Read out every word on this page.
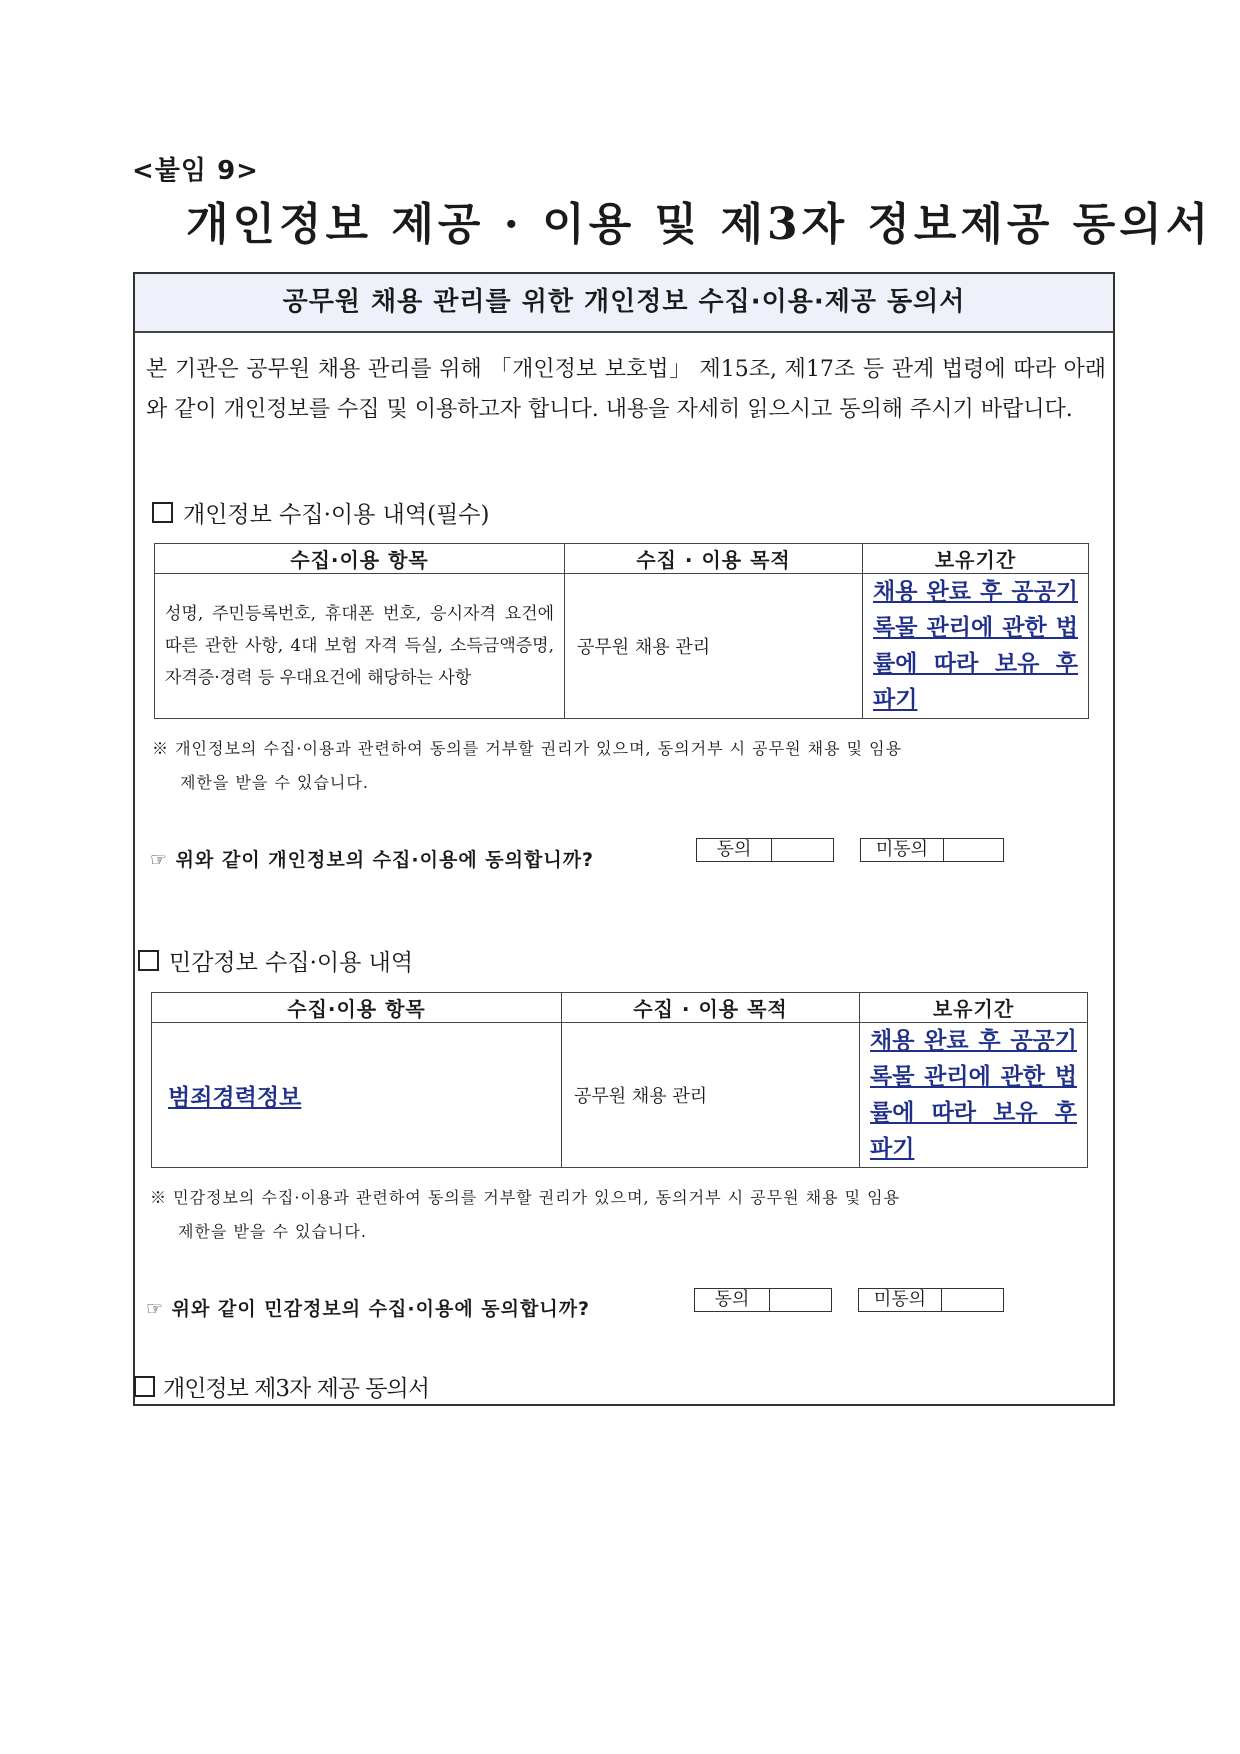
<붙임 9>
개인정보 제공 · 이용 및 제3자 정보제공 동의서
공무원 채용 관리를 위한 개인정보 수집·이용·제공 동의서

본 기관은 공무원 채용 관리를 위해 「개인정보 보호법」 제15조, 제17조 등 관계 법령에 따라 아래와 같이 개인정보를 수집 및 이용하고자 합니다. 내용을 자세히 읽으시고 동의해 주시기 바랍니다.

개인정보 수집·이용 내역(필수)
수집·이용 항목	수집 · 이용 목적	보유기간
성명, 주민등록번호, 휴대폰 번호, 응시자격 요건에 따른 관한 사항, 4대 보험 자격 득실, 소득금액증명, 자격증·경력 등 우대요건에 해당하는 사항	공무원 채용 관리	채용 완료 후 공공기록물 관리에 관한 법률에 따라 보유 후 파기
※ 개인정보의 수집·이용과 관련하여 동의를 거부할 권리가 있으며, 동의거부 시 공무원 채용 및 임용
제한을 받을 수 있습니다.
☞ 위와 같이 개인정보의 수집·이용에 동의합니까?	동의	미동의
민감정보 수집·이용 내역
수집·이용 항목	수집 · 이용 목적	보유기간
범죄경력정보	공무원 채용 관리	채용 완료 후 공공기록물 관리에 관한 법률에 따라 보유 후 파기
※ 민감정보의 수집·이용과 관련하여 동의를 거부할 권리가 있으며, 동의거부 시 공무원 채용 및 임용
제한을 받을 수 있습니다.
☞ 위와 같이 민감정보의 수집·이용에 동의합니까?	동의	미동의
개인정보 제3자 제공 동의서
